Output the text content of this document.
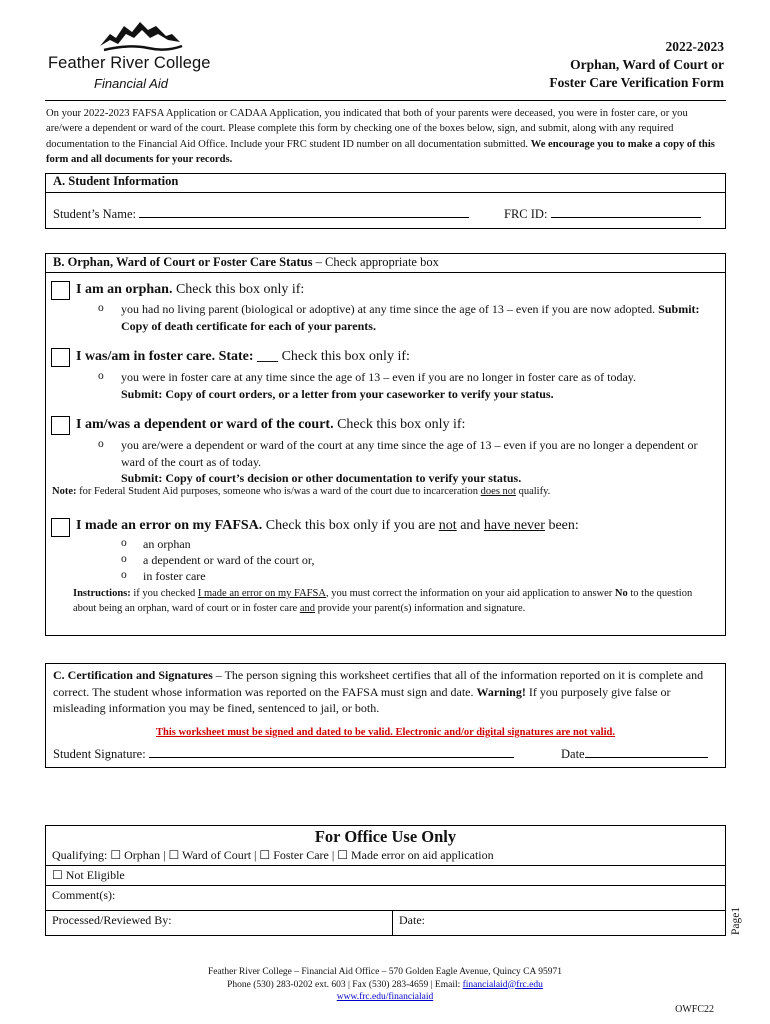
Feather River College
Financial Aid
2022-2023
Orphan, Ward of Court or
Foster Care Verification Form
On your 2022-2023 FAFSA Application or CADAA Application, you indicated that both of your parents were deceased, you were in foster care, or you are/were a dependent or ward of the court. Please complete this form by checking one of the boxes below, sign, and submit, along with any required documentation to the Financial Aid Office. Include your FRC student ID number on all documentation submitted. We encourage you to make a copy of this form and all documents for your records.
A. Student Information
Student’s Name:	FRC ID:
B. Orphan, Ward of Court or Foster Care Status – Check appropriate box
I am an orphan. Check this box only if:
o you had no living parent (biological or adoptive) at any time since the age of 13 – even if you are now adopted. Submit: Copy of death certificate for each of your parents.
I was/am in foster care. State: ___ Check this box only if:
o you were in foster care at any time since the age of 13 – even if you are no longer in foster care as of today.
Submit: Copy of court orders, or a letter from your caseworker to verify your status.
I am/was a dependent or ward of the court. Check this box only if:
o you are/were a dependent or ward of the court at any time since the age of 13 – even if you are no longer a dependent or ward of the court as of today.
Submit: Copy of court’s decision or other documentation to verify your status.
Note: for Federal Student Aid purposes, someone who is/was a ward of the court due to incarceration does not qualify.
I made an error on my FAFSA. Check this box only if you are not and have never been:
o an orphan
o a dependent or ward of the court or,
o in foster care
Instructions: if you checked I made an error on my FAFSA, you must correct the information on your aid application to answer No to the question about being an orphan, ward of court or in foster care and provide your parent(s) information and signature.
C. Certification and Signatures – The person signing this worksheet certifies that all of the information reported on it is complete and correct. The student whose information was reported on the FAFSA must sign and date. Warning! If you purposely give false or misleading information you may be fined, sentenced to jail, or both.
This worksheet must be signed and dated to be valid. Electronic and/or digital signatures are not valid.
Student Signature:	Date
For Office Use Only
Qualifying: ☐ Orphan | ☐ Ward of Court | ☐ Foster Care | ☐ Made error on aid application

☐ Not Eligible
Comment(s):
Processed/Reviewed By:	Date:
Feather River College – Financial Aid Office – 570 Golden Eagle Avenue, Quincy CA 95971
Phone (530) 283-0202 ext. 603 | Fax (530) 283-4659 | Email: financialaid@frc.edu
www.frc.edu/financialaid
Page1
OWFC22
